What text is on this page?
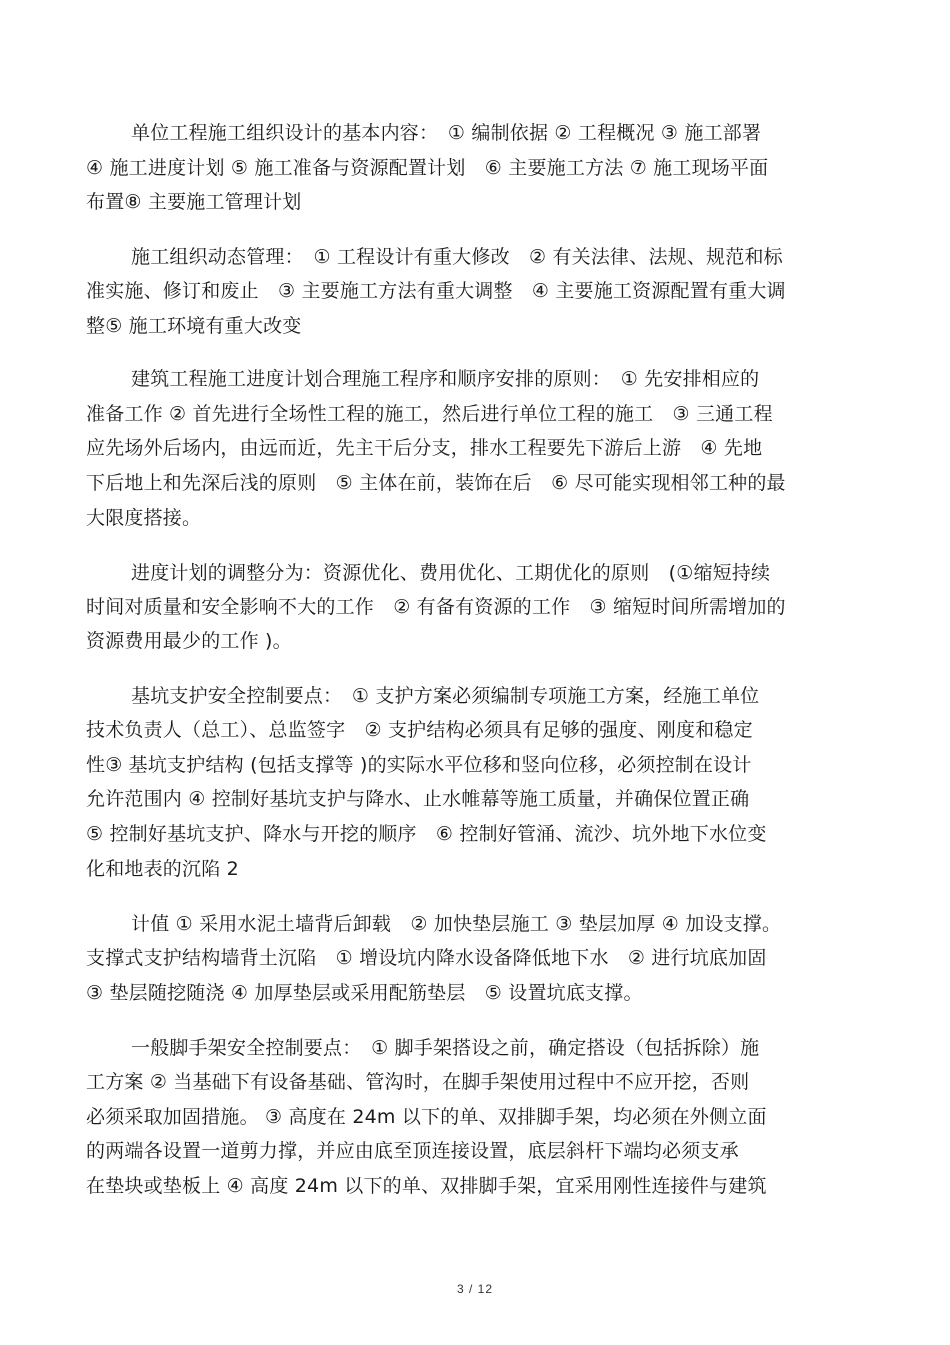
单位工程施工组织设计的基本内容：　① 编制依据 ② 工程概况 ③ 施工部署
④ 施工进度计划 ⑤ 施工准备与资源配置计划　⑥ 主要施工方法 ⑦ 施工现场平面
布置⑧ 主要施工管理计划
施工组织动态管理：　① 工程设计有重大修改　② 有关法律、法规、规范和标
准实施、修订和废止　③ 主要施工方法有重大调整　④ 主要施工资源配置有重大调
整⑤ 施工环境有重大改变
建筑工程施工进度计划合理施工程序和顺序安排的原则：　① 先安排相应的
准备工作 ② 首先进行全场性工程的施工，然后进行单位工程的施工　③ 三通工程
应先场外后场内，由远而近，先主干后分支，排水工程要先下游后上游　④ 先地
下后地上和先深后浅的原则　⑤ 主体在前，装饰在后　⑥ 尽可能实现相邻工种的最
大限度搭接。
进度计划的调整分为：资源优化、费用优化、工期优化的原则　(①缩短持续
时间对质量和安全影响不大的工作　② 有备有资源的工作　③ 缩短时间所需增加的
资源费用最少的工作 )。
基坑支护安全控制要点：　① 支护方案必须编制专项施工方案，经施工单位
技术负责人（总工）、总监签字　② 支护结构必须具有足够的强度、刚度和稳定
性③ 基坑支护结构 (包括支撑等 )的实际水平位移和竖向位移，必须控制在设计
允许范围内 ④ 控制好基坑支护与降水、止水帷幕等施工质量，并确保位置正确
⑤ 控制好基坑支护、降水与开挖的顺序　⑥ 控制好管涌、流沙、坑外地下水位变
化和地表的沉陷 2
计值 ① 采用水泥土墙背后卸载　② 加快垫层施工 ③ 垫层加厚 ④ 加设支撑。
支撑式支护结构墙背土沉陷　① 增设坑内降水设备降低地下水　② 进行坑底加固
③ 垫层随挖随浇 ④ 加厚垫层或采用配筋垫层　⑤ 设置坑底支撑。
一般脚手架安全控制要点：　① 脚手架搭设之前，确定搭设（包括拆除）施
工方案 ② 当基础下有设备基础、管沟时，在脚手架使用过程中不应开挖，否则
必须采取加固措施。 ③ 高度在 24m 以下的单、双排脚手架，均必须在外侧立面
的两端各设置一道剪力撑，并应由底至顶连接设置，底层斜杆下端均必须支承
在垫块或垫板上 ④ 高度 24m 以下的单、双排脚手架，宜采用刚性连接件与建筑
3 / 12
